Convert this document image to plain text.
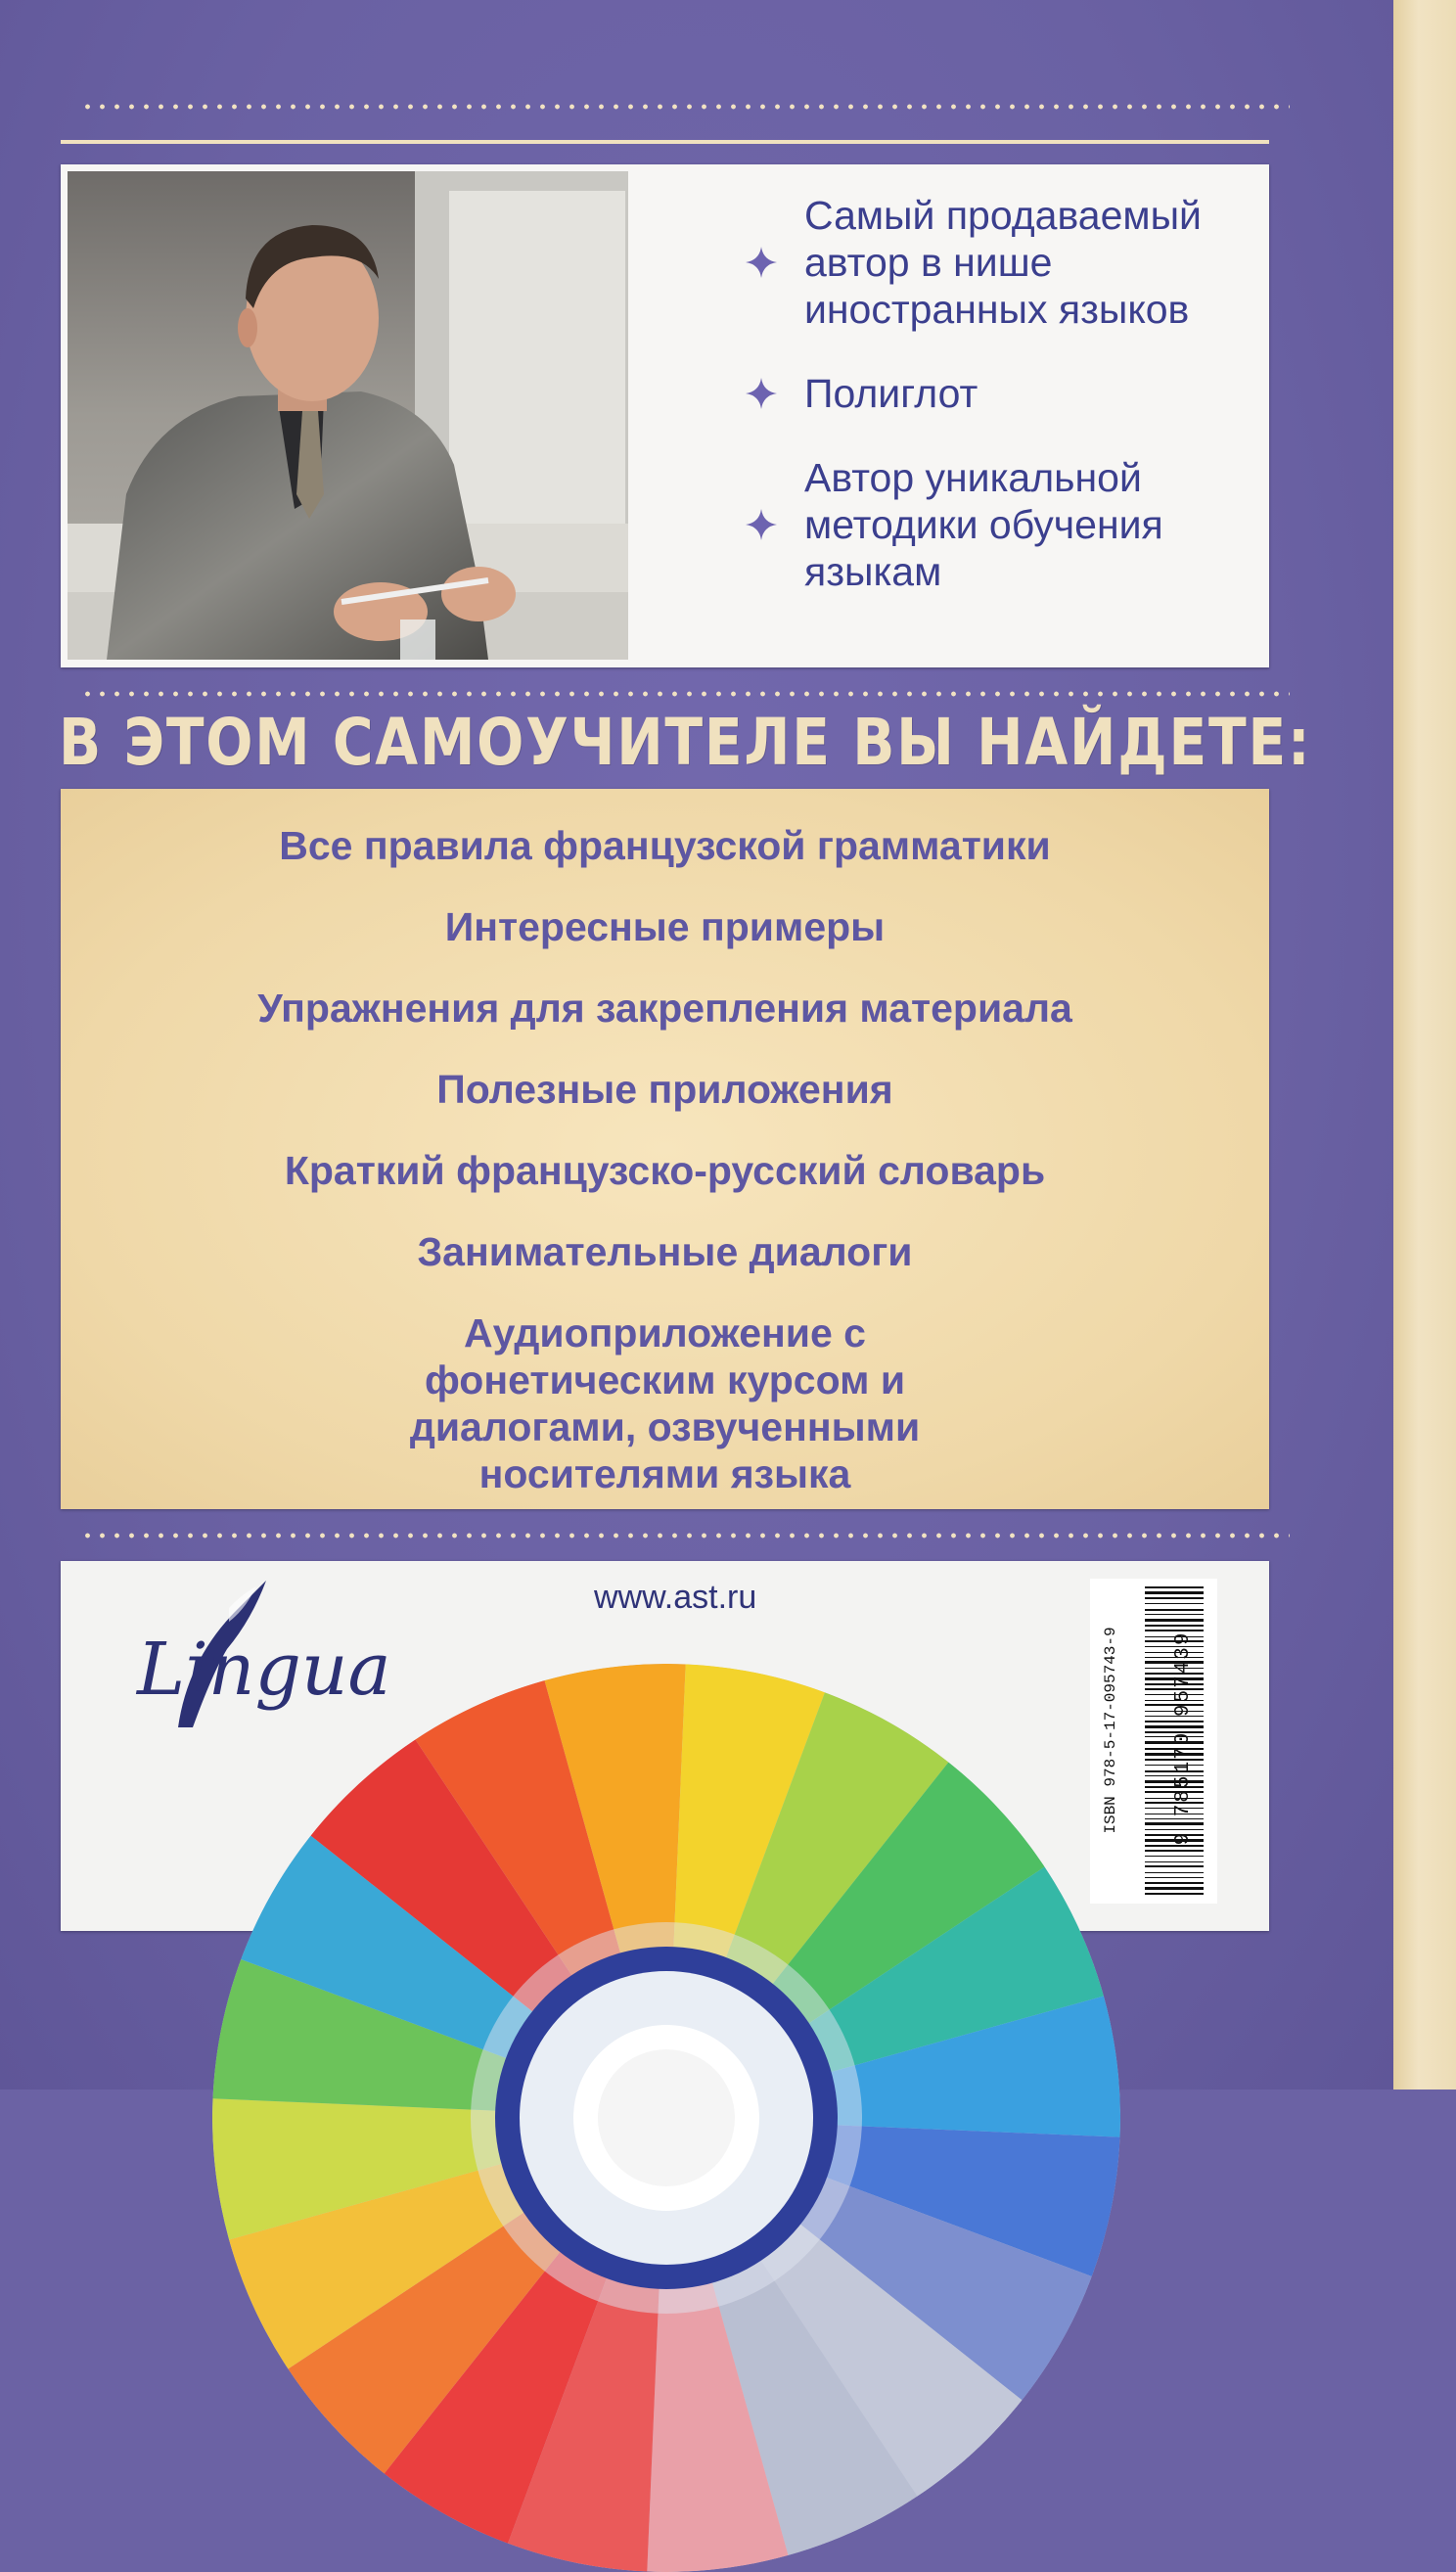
Самый продаваемый автор в нише иностранных языков
Полиглот
Автор уникальной методики обучения языкам
В ЭТОМ САМОУЧИТЕЛЕ ВЫ НАЙДЕТЕ:
Все правила французской грамматики
Интересные примеры
Упражнения для закрепления материала
Полезные приложения
Краткий французско-русский словарь
Занимательные диалоги
Аудиоприложение с фонетическим курсом и диалогами, озвученными носителями языка
www.ast.ru
Lingua	ISBN 978-5-17-095743-9	9 785170 957439
